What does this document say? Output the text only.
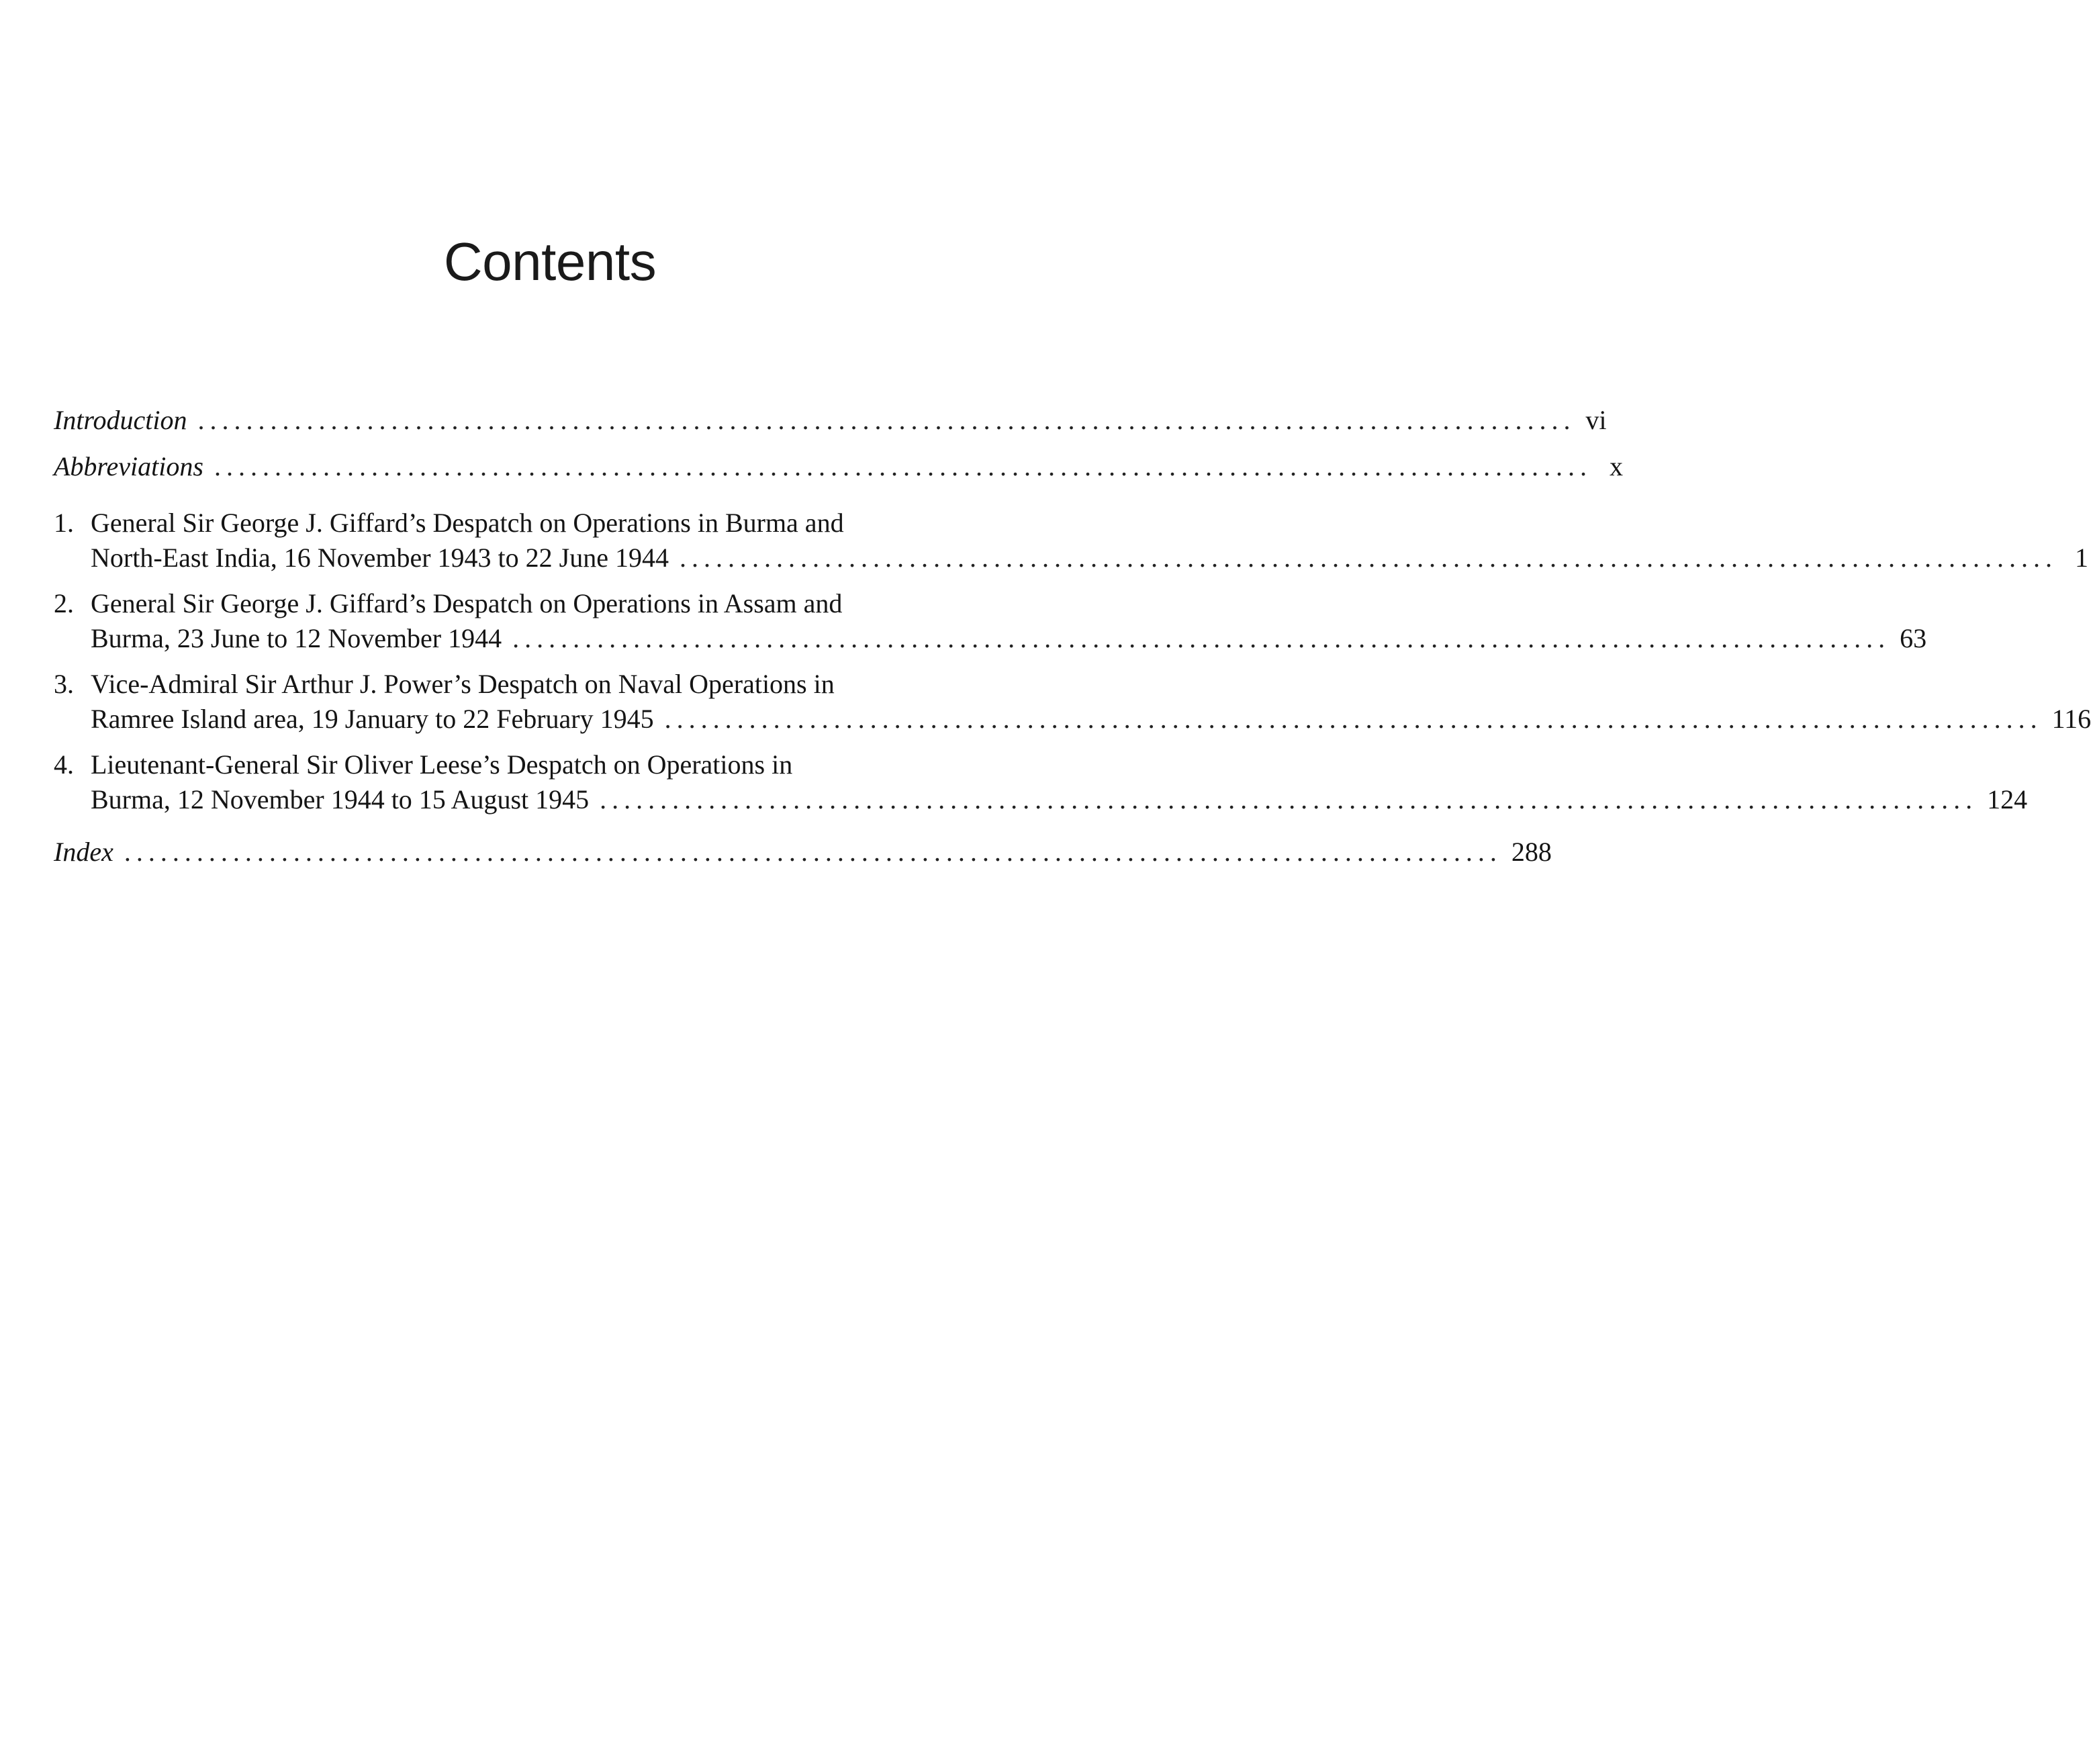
Contents
Introduction .................................................................................................................. vi
Abbreviations .................................................................................................................. x
1. General Sir George J. Giffard’s Despatch on Operations in Burma and
North-East India, 16 November 1943 to 22 June 1944 .................................................................................................................. 1
2. General Sir George J. Giffard’s Despatch on Operations in Assam and
Burma, 23 June to 12 November 1944 .................................................................................................................. 63
3. Vice-Admiral Sir Arthur J. Power’s Despatch on Naval Operations in
Ramree Island area, 19 January to 22 February 1945 .................................................................................................................. 116
4. Lieutenant-General Sir Oliver Leese’s Despatch on Operations in
Burma, 12 November 1944 to 15 August 1945 .................................................................................................................. 124
Index .................................................................................................................. 288
